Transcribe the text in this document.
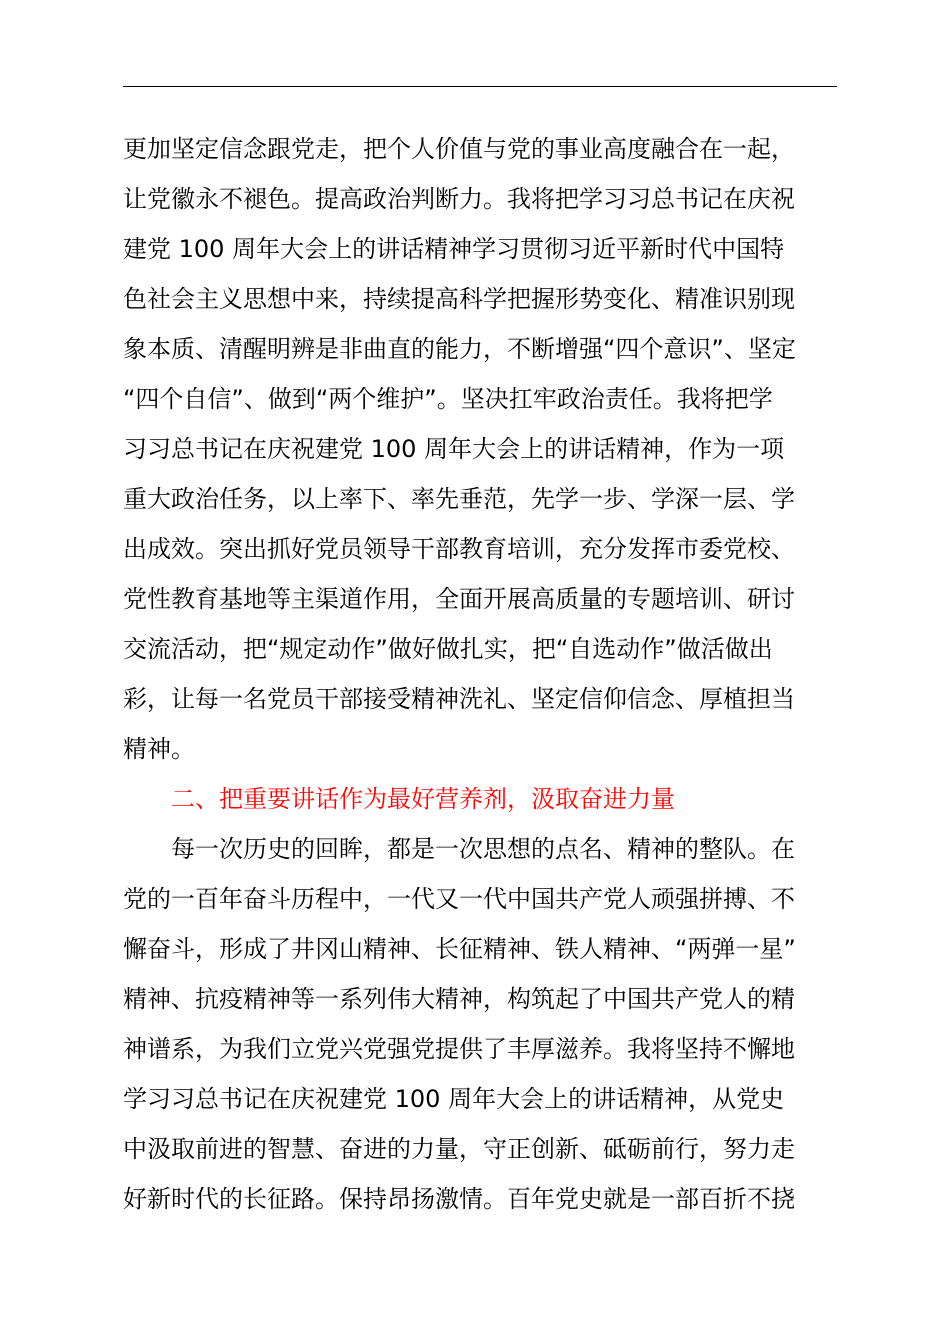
更加坚定信念跟党走，把个人价值与党的事业高度融合在一起，
让党徽永不褪色。提高政治判断力。我将把学习习总书记在庆祝
建党 100 周年大会上的讲话精神学习贯彻习近平新时代中国特
色社会主义思想中来，持续提高科学把握形势变化、精准识别现
象本质、清醒明辨是非曲直的能力，不断增强“四个意识”、坚定
“四个自信”、做到“两个维护”。坚决扛牢政治责任。我将把学
习习总书记在庆祝建党 100 周年大会上的讲话精神，作为一项
重大政治任务，以上率下、率先垂范，先学一步、学深一层、学
出成效。突出抓好党员领导干部教育培训，充分发挥市委党校、
党性教育基地等主渠道作用，全面开展高质量的专题培训、研讨
交流活动，把“规定动作”做好做扎实，把“自选动作”做活做出
彩，让每一名党员干部接受精神洗礼、坚定信仰信念、厚植担当
精神。
二、把重要讲话作为最好营养剂，汲取奋进力量
每一次历史的回眸，都是一次思想的点名、精神的整队。在
党的一百年奋斗历程中，一代又一代中国共产党人顽强拼搏、不
懈奋斗，形成了井冈山精神、长征精神、铁人精神、“两弹一星”
精神、抗疫精神等一系列伟大精神，构筑起了中国共产党人的精
神谱系，为我们立党兴党强党提供了丰厚滋养。我将坚持不懈地
学习习总书记在庆祝建党 100 周年大会上的讲话精神，从党史
中汲取前进的智慧、奋进的力量，守正创新、砥砺前行，努力走
好新时代的长征路。保持昂扬激情。百年党史就是一部百折不挠
